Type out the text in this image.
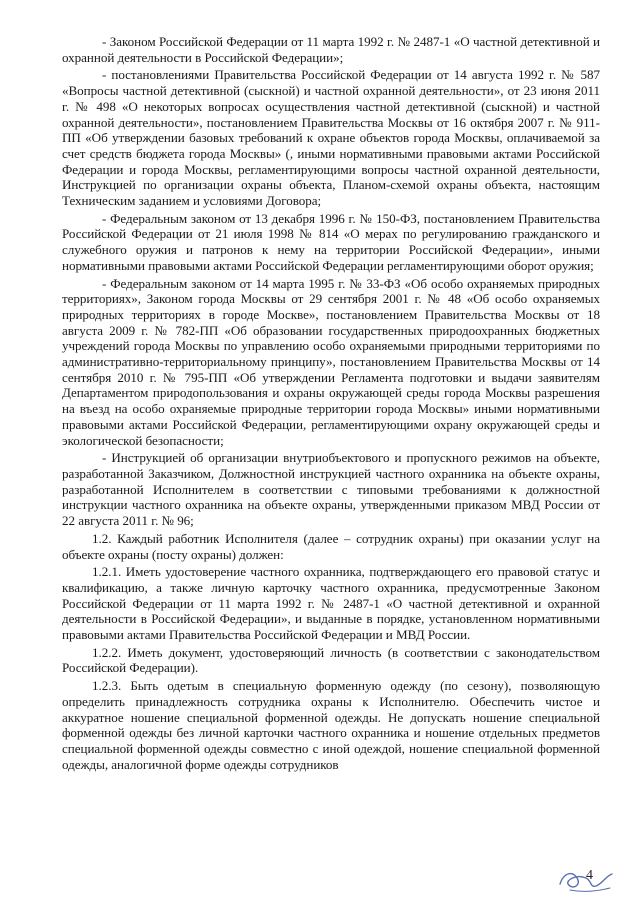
- Законом Российской Федерации от 11 марта 1992 г. № 2487-1 «О частной детективной и охранной деятельности в Российской Федерации»;

- постановлениями Правительства Российской Федерации от 14 августа 1992 г. № 587 «Вопросы частной детективной (сыскной) и частной охранной деятельности», от 23 июня 2011 г. № 498 «О некоторых вопросах осуществления частной детективной (сыскной) и частной охранной деятельности», постановлением Правительства Москвы от 16 октября 2007 г. № 911-ПП «Об утверждении базовых требований к охране объектов города Москвы, оплачиваемой за счет средств бюджета города Москвы» (, иными нормативными правовыми актами Российской Федерации и города Москвы, регламентирующими вопросы частной охранной деятельности, Инструкцией по организации охраны объекта, Планом-схемой охраны объекта, настоящим Техническим заданием и условиями Договора;

- Федеральным законом от 13 декабря 1996 г. № 150-ФЗ, постановлением Правительства Российской Федерации от 21 июля 1998 № 814 «О мерах по регулированию гражданского и служебного оружия и патронов к нему на территории Российской Федерации», иными нормативными правовыми актами Российской Федерации регламентирующими оборот оружия;

- Федеральным законом от 14 марта 1995 г. № 33-ФЗ «Об особо охраняемых природных территориях», Законом города Москвы от 29 сентября 2001 г. № 48 «Об особо охраняемых природных территориях в городе Москве», постановлением Правительства Москвы от 18 августа 2009 г. № 782-ПП «Об образовании государственных природоохранных бюджетных учреждений города Москвы по управлению особо охраняемыми природными территориями по административно-территориальному принципу», постановлением Правительства Москвы от 14 сентября 2010 г. № 795-ПП «Об утверждении Регламента подготовки и выдачи заявителям Департаментом природопользования и охраны окружающей среды города Москвы разрешения на въезд на особо охраняемые природные территории города Москвы» иными нормативными правовыми актами Российской Федерации, регламентирующими охрану окружающей среды и экологической безопасности;

- Инструкцией об организации внутриобъектового и пропускного режимов на объекте, разработанной Заказчиком, Должностной инструкцией частного охранника на объекте охраны, разработанной Исполнителем в соответствии с типовыми требованиями к должностной инструкции частного охранника на объекте охраны, утвержденными приказом МВД России от 22 августа 2011 г. № 96;

1.2. Каждый работник Исполнителя (далее – сотрудник охраны) при оказании услуг на объекте охраны (посту охраны) должен:

1.2.1. Иметь удостоверение частного охранника, подтверждающего его правовой статус и квалификацию, а также личную карточку частного охранника, предусмотренные Законом Российской Федерации от 11 марта 1992 г. № 2487-1 «О частной детективной и охранной деятельности в Российской Федерации», и выданные в порядке, установленном нормативными правовыми актами Правительства Российской Федерации и МВД России.

1.2.2. Иметь документ, удостоверяющий личность (в соответствии с законодательством Российской Федерации).

1.2.3. Быть одетым в специальную форменную одежду (по сезону), позволяющую определить принадлежность сотрудника охраны к Исполнителю. Обеспечить чистое и аккуратное ношение специальной форменной одежды. Не допускать ношение специальной форменной одежды без личной карточки частного охранника и ношение отдельных предметов специальной форменной одежды совместно с иной одеждой, ношение специальной форменной одежды, аналогичной форме одежды сотрудников

4
